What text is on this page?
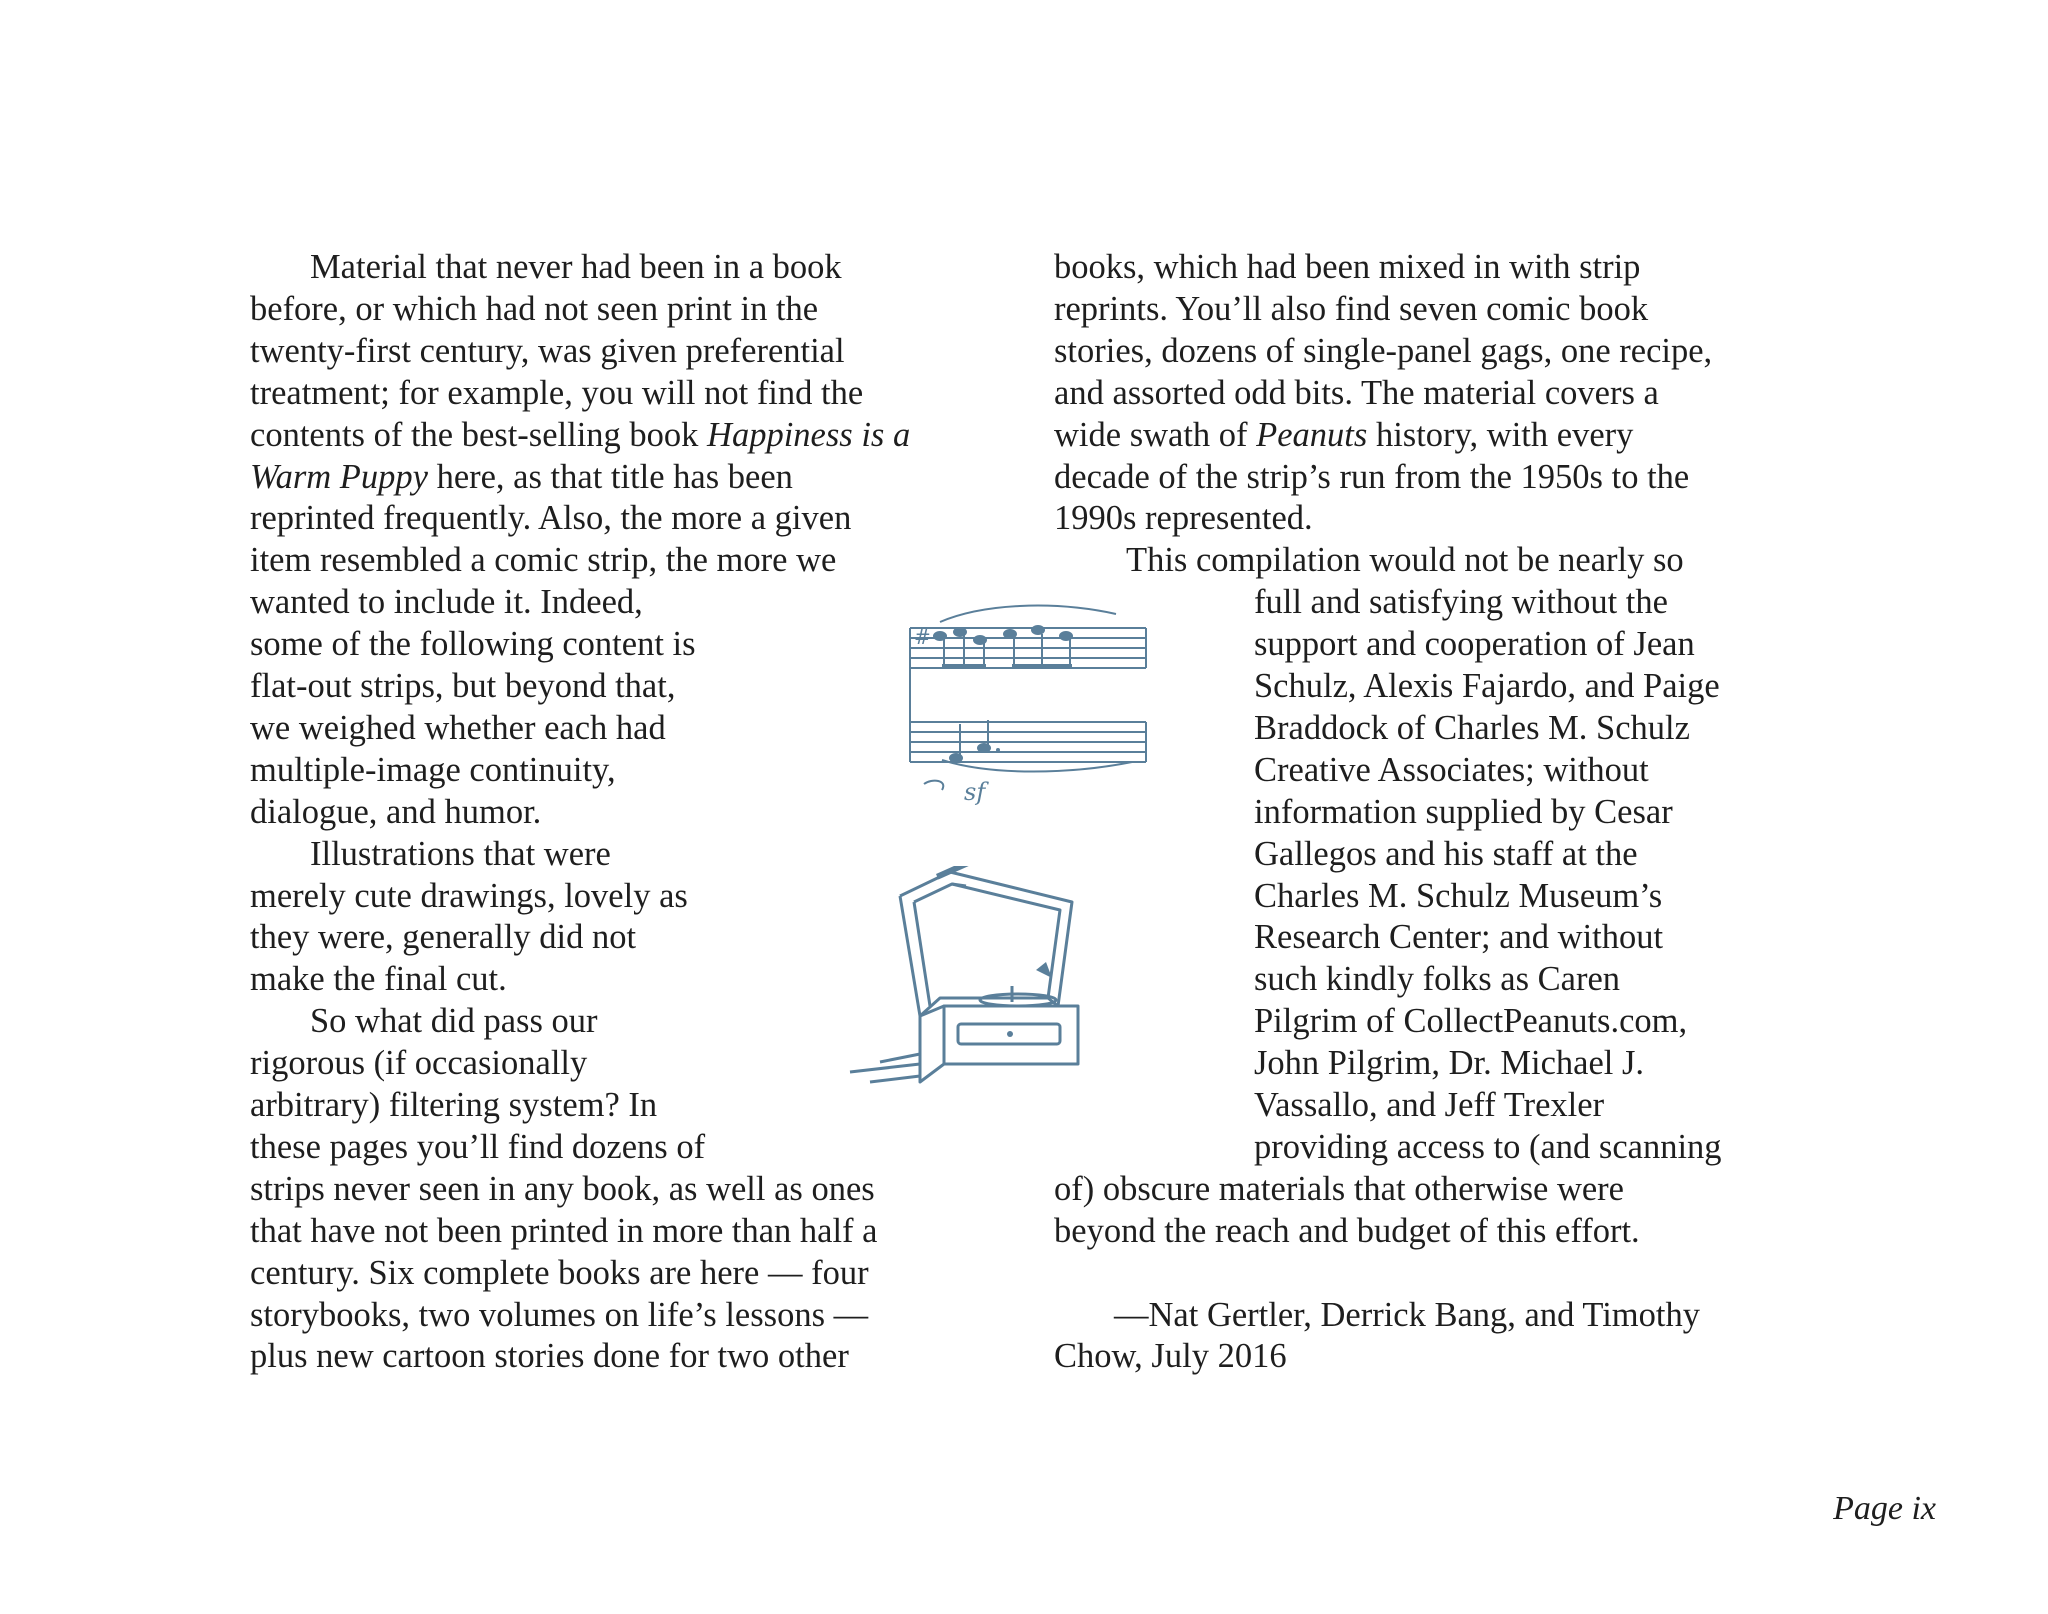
Material that never had been in a book
before, or which had not seen print in the
twenty-first century, was given preferential
treatment; for example, you will not find the
contents of the best-selling book Happiness is a
Warm Puppy here, as that title has been
reprinted frequently. Also, the more a given
item resembled a comic strip, the more we
wanted to include it. Indeed,
some of the following content is
flat-out strips, but beyond that,
we weighed whether each had
multiple-image continuity,
dialogue, and humor.
Illustrations that were
merely cute drawings, lovely as
they were, generally did not
make the final cut.
So what did pass our
rigorous (if occasionally
arbitrary) filtering system? In
these pages you’ll find dozens of
strips never seen in any book, as well as ones
that have not been printed in more than half a
century. Six complete books are here — four
storybooks, two volumes on life’s lessons —
plus new cartoon stories done for two other
books, which had been mixed in with strip
reprints. You’ll also find seven comic book
stories, dozens of single-panel gags, one recipe,
and assorted odd bits. The material covers a
wide swath of Peanuts history, with every
decade of the strip’s run from the 1950s to the
1990s represented.
This compilation would not be nearly so
full and satisfying without the
support and cooperation of Jean
Schulz, Alexis Fajardo, and Paige
Braddock of Charles M. Schulz
Creative Associates; without
information supplied by Cesar
Gallegos and his staff at the
Charles M. Schulz Museum’s
Research Center; and without
such kindly folks as Caren
Pilgrim of CollectPeanuts.com,
John Pilgrim, Dr. Michael J.
Vassallo, and Jeff Trexler
providing access to (and scanning
of) obscure materials that otherwise were
beyond the reach and budget of this effort.
—Nat Gertler, Derrick Bang, and Timothy
Chow, July 2016
#
sf
Page ix
